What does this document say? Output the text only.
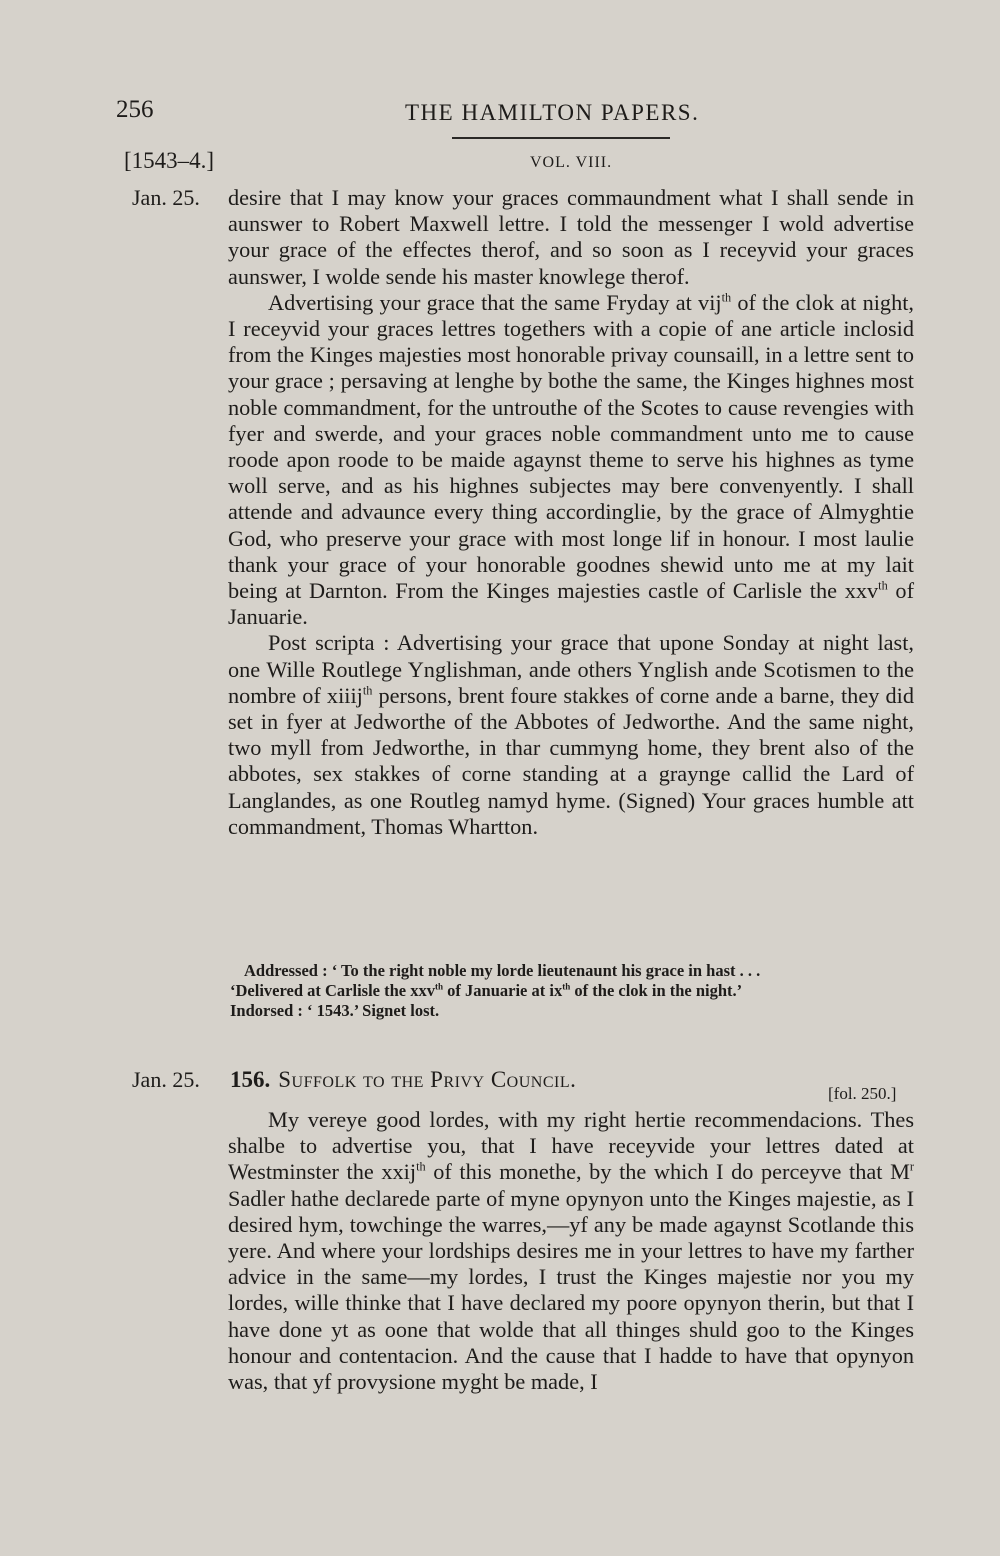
256	THE HAMILTON PAPERS.
[1543–4.]	VOL. VIII.
Jan. 25. desire that I may know your graces commaundment what I shall sende in aunswer to Robert Maxwell lettre. I told the messenger I wold advertise your grace of the effectes therof, and so soon as I receyvid your graces aunswer, I wolde sende his master knowlege therof.

Advertising your grace that the same Fryday at vij$^{th}$ of the clok at night, I receyvid your graces lettres togethers with a copie of ane article inclosid from the Kinges majesties most honorable privay counsaill, in a lettre sent to your grace ; persaving at lenghe by bothe the same, the Kinges highnes most noble commandment, for the untrouthe of the Scotes to cause revengies with fyer and swerde, and your graces noble commandment unto me to cause roode apon roode to be maide agaynst theme to serve his highnes as tyme woll serve, and as his highnes subjectes may bere convenyently. I shall attende and advaunce every thing accordinglie, by the grace of Almyghtie God, who preserve your grace with most longe lif in honour. I most laulie thank your grace of your honorable goodnes shewid unto me at my lait being at Darnton. From the Kinges majesties castle of Carlisle the xxv$^{th}$ of Januarie.

Post scripta : Advertising your grace that upone Sonday at night last, one Wille Routlege Ynglishman, ande others Ynglish ande Scotismen to the nombre of xiiij$^{th}$ persons, brent foure stakkes of corne ande a barne, they did set in fyer at Jedworthe of the Abbotes of Jedworthe. And the same night, two myll from Jedworthe, in thar cummyng home, they brent also of the abbotes, sex stakkes of corne standing at a graynge callid the Lard of Langlandes, as one Routleg namyd hyme. (Signed) Your graces humble att commandment, Thomas Whartton.

Addressed : ‘ To the right noble my lorde lieutenaunt his grace in hast . . .
‘Delivered at Carlisle the xxv$^{th}$ of Januarie at $ix^{th}$ of the clok in the night.’
Indorsed : ‘ 1543.’ Signet lost.
Jan. 25. 156. Suffolk to the Privy Council.
[fol. 250.]

My vereye good lordes, with my right hertie recommendacions. Thes shalbe to advertise you, that I have receyvide your lettres dated at Westminster the xxij$^{th}$ of this monethe, by the which I do perceyve that $M^r$ Sadler hathe declarede parte of myne opynyon unto the Kinges majestie, as I desired hym, towchinge the warres,—yf any be made agaynst Scotlande this yere. And where your lordships desires me in your lettres to have my farther advice in the same—my lordes, I trust the Kinges majestie nor you my lordes, wille thinke that I have declared my poore opynyon therin, but that I have done yt as oone that wolde that all thinges shuld goo to the Kinges honour and contentacion. And the cause that I hadde to have that opynyon was, that yf provysione myght be made, I
